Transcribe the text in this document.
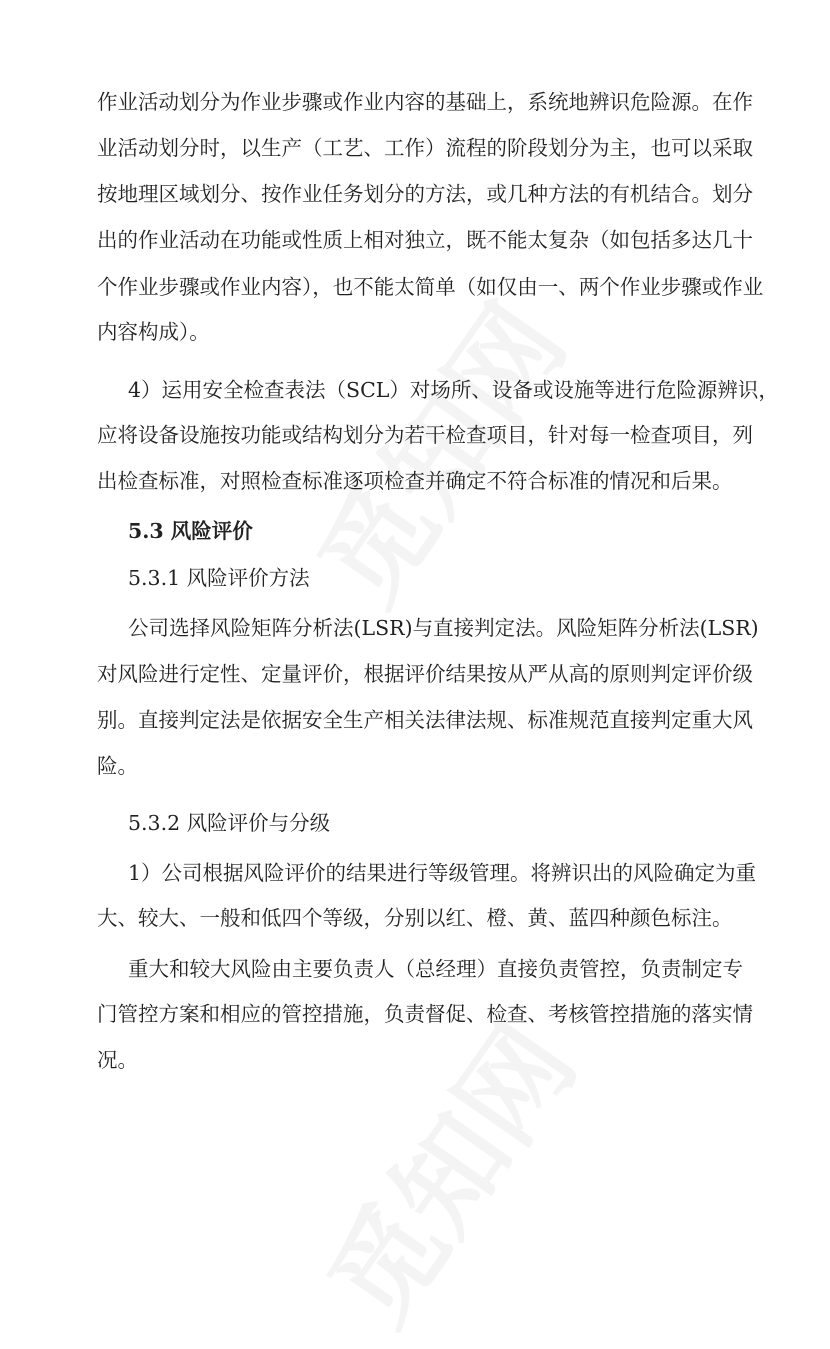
作业活动划分为作业步骤或作业内容的基础上，系统地辨识危险源。在作
业活动划分时，以生产（工艺、工作）流程的阶段划分为主，也可以采取
按地理区域划分、按作业任务划分的方法，或几种方法的有机结合。划分
出的作业活动在功能或性质上相对独立，既不能太复杂（如包括多达几十
个作业步骤或作业内容），也不能太简单（如仅由一、两个作业步骤或作业
内容构成）。
4）运用安全检查表法（SCL）对场所、设备或设施等进行危险源辨识，
应将设备设施按功能或结构划分为若干检查项目，针对每一检查项目，列
出检查标准，对照检查标准逐项检查并确定不符合标准的情况和后果。
5.3 风险评价
5.3.1 风险评价方法
公司选择风险矩阵分析法(LSR)与直接判定法。风险矩阵分析法(LSR)
对风险进行定性、定量评价，根据评价结果按从严从高的原则判定评价级
别。直接判定法是依据安全生产相关法律法规、标准规范直接判定重大风
险。
5.3.2 风险评价与分级
1）公司根据风险评价的结果进行等级管理。将辨识出的风险确定为重
大、较大、一般和低四个等级，分别以红、橙、黄、蓝四种颜色标注。
重大和较大风险由主要负责人（总经理）直接负责管控，负责制定专
门管控方案和相应的管控措施，负责督促、检查、考核管控措施的落实情
况。
